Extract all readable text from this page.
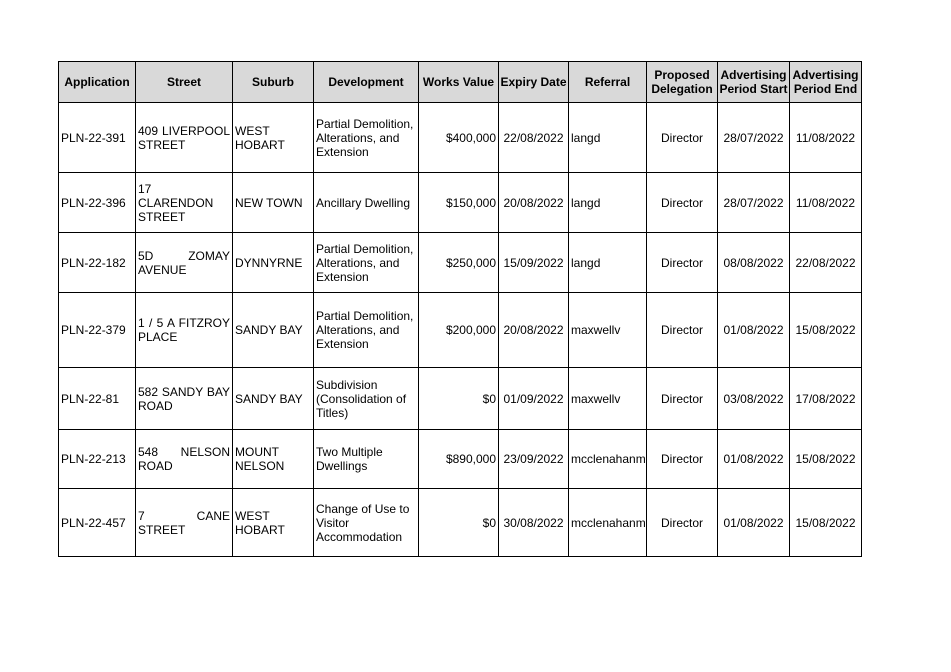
Application	Street	Suburb	Development	Works Value	Expiry Date	Referral	Proposed Delegation	Advertising Period Start	Advertising Period End
PLN-22-391	409 LIVERPOOL STREET	WEST HOBART	Partial Demolition, Alterations, and Extension	$400,000	22/08/2022	langd	Director	28/07/2022	11/08/2022
PLN-22-396	17 CLARENDON STREET	NEW TOWN	Ancillary Dwelling	$150,000	20/08/2022	langd	Director	28/07/2022	11/08/2022
PLN-22-182	5D ZOMAY AVENUE	DYNNYRNE	Partial Demolition, Alterations, and Extension	$250,000	15/09/2022	langd	Director	08/08/2022	22/08/2022
PLN-22-379	1 / 5 A FITZROY PLACE	SANDY BAY	Partial Demolition, Alterations, and Extension	$200,000	20/08/2022	maxwellv	Director	01/08/2022	15/08/2022
PLN-22-81	582 SANDY BAY ROAD	SANDY BAY	Subdivision (Consolidation of Titles)	$0	01/09/2022	maxwellv	Director	03/08/2022	17/08/2022
PLN-22-213	548 NELSON ROAD	MOUNT NELSON	Two Multiple Dwellings	$890,000	23/09/2022	mcclenahanm	Director	01/08/2022	15/08/2022
PLN-22-457	7 CANE STREET	WEST HOBART	Change of Use to Visitor Accommodation	$0	30/08/2022	mcclenahanm	Director	01/08/2022	15/08/2022
